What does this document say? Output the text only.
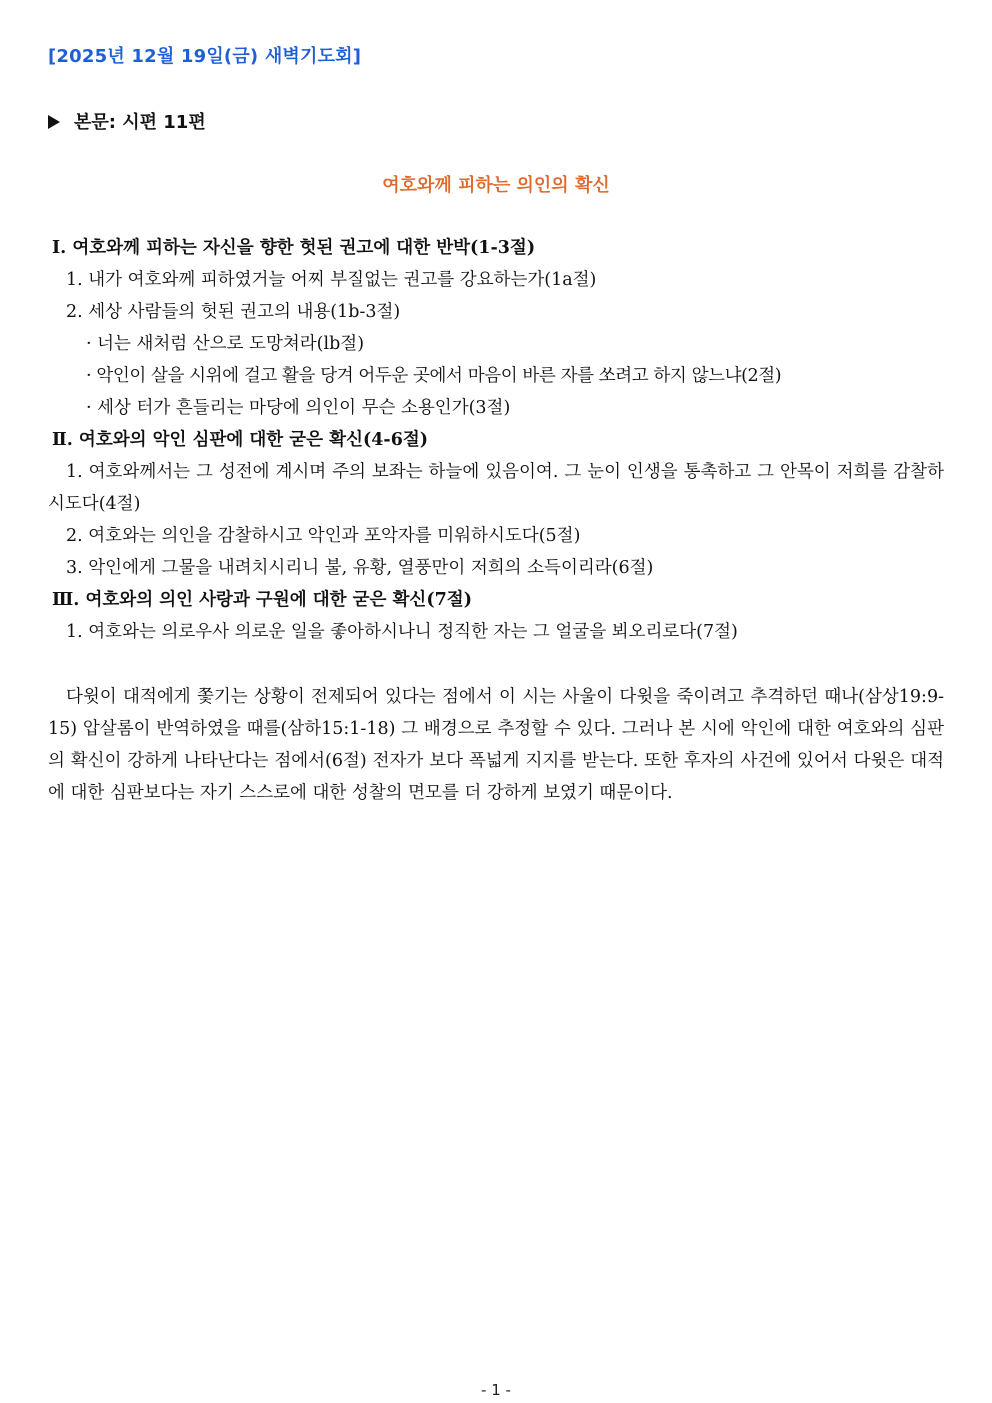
[2025년 12월 19일(금) 새벽기도회]
본문: 시편 11편
여호와께 피하는 의인의 확신
Ⅰ. 여호와께 피하는 자신을 향한 헛된 권고에 대한 반박(1-3절)
1. 내가 여호와께 피하였거늘 어찌 부질없는 권고를 강요하는가(1a절)
2. 세상 사람들의 헛된 권고의 내용(1b-3절)
· 너는 새처럼 산으로 도망쳐라(lb절)
· 악인이 살을 시위에 걸고 활을 당겨 어두운 곳에서 마음이 바른 자를 쏘려고 하지 않느냐(2절)
· 세상 터가 흔들리는 마당에 의인이 무슨 소용인가(3절)
Ⅱ. 여호와의 악인 심판에 대한 굳은 확신(4-6절)
1. 여호와께서는 그 성전에 계시며 주의 보좌는 하늘에 있음이여. 그 눈이 인생을 통촉하고 그 안목이 저희를 감찰하시도다(4절)
2. 여호와는 의인을 감찰하시고 악인과 포악자를 미워하시도다(5절)
3. 악인에게 그물을 내려치시리니 불, 유황, 열풍만이 저희의 소득이리라(6절)
Ⅲ. 여호와의 의인 사랑과 구원에 대한 굳은 확신(7절)
1. 여호와는 의로우사 의로운 일을 좋아하시나니 정직한 자는 그 얼굴을 뵈오리로다(7절)
다윗이 대적에게 쫓기는 상황이 전제되어 있다는 점에서 이 시는 사울이 다윗을 죽이려고 추격하던 때나(삼상19:9-15) 압살롬이 반역하였을 때를(삼하15:1-18) 그 배경으로 추정할 수 있다. 그러나 본 시에 악인에 대한 여호와의 심판의 확신이 강하게 나타난다는 점에서(6절) 전자가 보다 폭넓게 지지를 받는다. 또한 후자의 사건에 있어서 다윗은 대적에 대한 심판보다는 자기 스스로에 대한 성찰의 면모를 더 강하게 보였기 때문이다.
- 1 -
